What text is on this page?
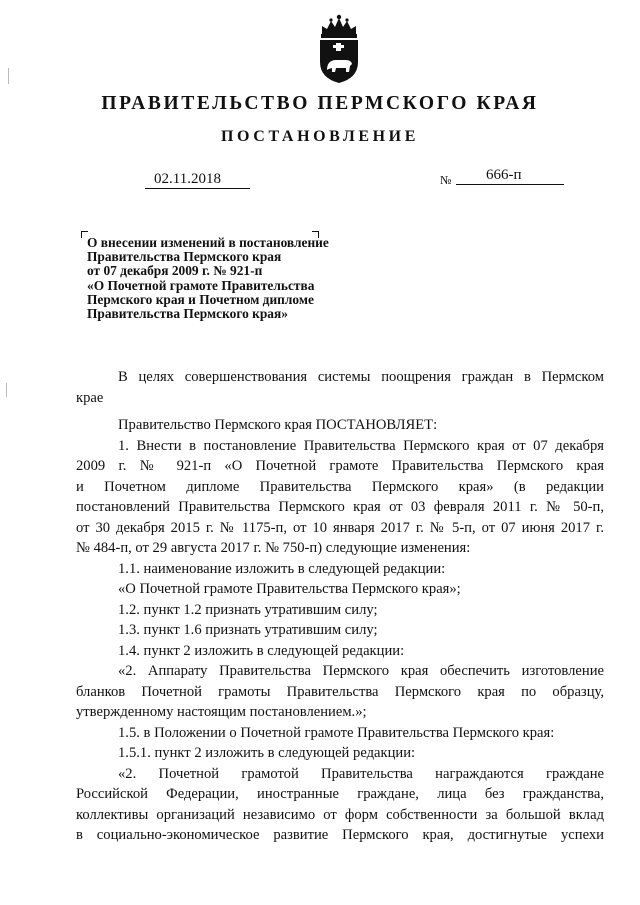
ПРАВИТЕЛЬСТВО ПЕРМСКОГО КРАЯ
ПОСТАНОВЛЕНИЕ
02.11.2018	№	666-п
О внесении изменений в постановление
Правительства Пермского края
от 07 декабря 2009 г. № 921-п
«О Почетной грамоте Правительства
Пермского края и Почетном дипломе
Правительства Пермского края»

В целях совершенствования системы поощрения граждан в Пермском

крае

Правительство Пермского края ПОСТАНОВЛЯЕТ:

1. Внести в постановление Правительства Пермского края от 07 декабря

2009 г. № 921-п «О Почетной грамоте Правительства Пермского края

и Почетном дипломе Правительства Пермского края» (в редакции

постановлений Правительства Пермского края от 03 февраля 2011 г. № 50-п,

от 30 декабря 2015 г. № 1175-п, от 10 января 2017 г. № 5-п, от 07 июня 2017 г.

№ 484-п, от 29 августа 2017 г. № 750-п) следующие изменения:

1.1. наименование изложить в следующей редакции:

«О Почетной грамоте Правительства Пермского края»;

1.2. пункт 1.2 признать утратившим силу;

1.3. пункт 1.6 признать утратившим силу;

1.4. пункт 2 изложить в следующей редакции:

«2. Аппарату Правительства Пермского края обеспечить изготовление

бланков Почетной грамоты Правительства Пермского края по образцу,

утвержденному настоящим постановлением.»;

1.5. в Положении о Почетной грамоте Правительства Пермского края:

1.5.1. пункт 2 изложить в следующей редакции:

«2. Почетной грамотой Правительства награждаются граждане

Российской Федерации, иностранные граждане, лица без гражданства,

коллективы организаций независимо от форм собственности за большой вклад

в социально-экономическое развитие Пермского края, достигнутые успехи
